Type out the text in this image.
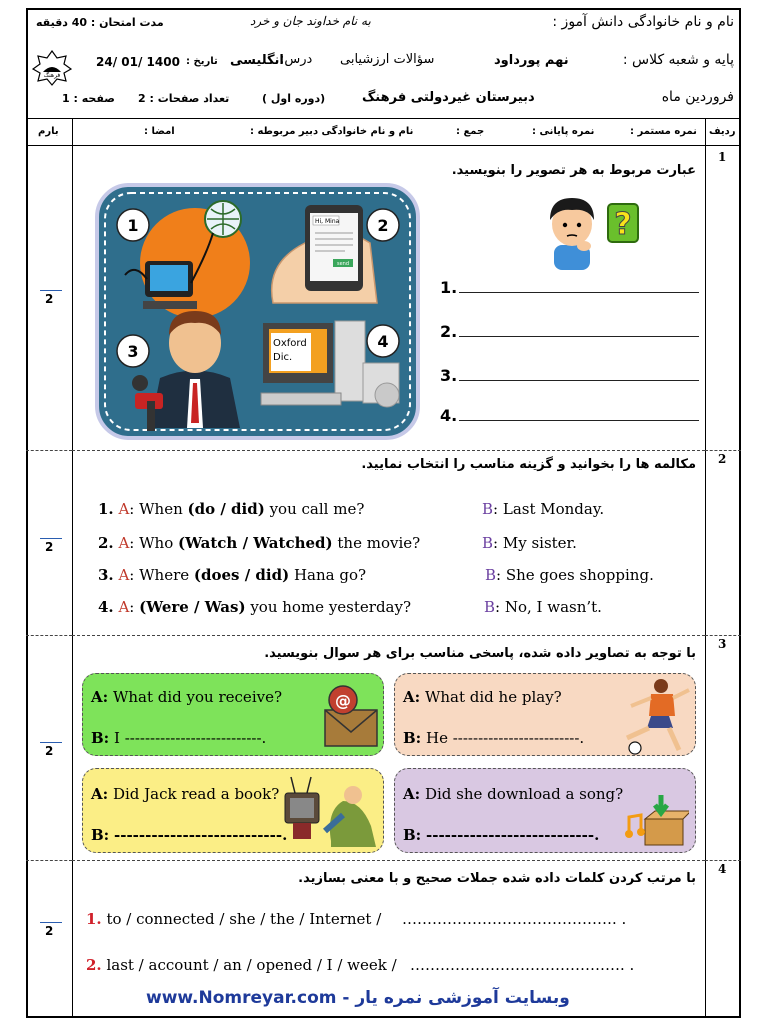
نام و نام خانوادگی دانش آموز :
به نام خداوند جان و خرد
مدت امتحان : 40 دقیقه
پایه و شعبه کلاس :
نهم پورداود
سؤالات ارزشیابی
درس:
انگلیسی
تاریخ :
24/ 01/ 1400
فرهنگ
فروردین ماه
دبیرستان غیردولتی فرهنگ
(دوره اول )
تعداد صفحات : 2
صفحه : 1
ردیف
نمره مستمر :
نمره پایانی :
جمع :
نام و نام خانوادگی دبیر مربوطه :
امضا :
بارم
1
2
عبارت مربوط به هر تصویر را بنویسید.
?
Hi, Mina
send
Oxford
Dic.
1	2
3
4
1.
2.
3.
4.
2
2
مکالمه ها را بخوانید و گزینه مناسب را انتخاب نمایید.
1. A: When (do / did) you call me?	B: Last Monday.
2. A: Who (Watch / Watched) the movie?	B: My sister.
3. A: Where (does / did) Hana go?	B: She goes shopping.
4. A: (Were / Was) you home yesterday?	B: No, I wasn’t.
3
2
با توجه به تصاویر داده شده، پاسخی مناسب برای هر سوال بنویسید.
A: What did you receive?
B: I ---------------------------.
@	A: What did he play?
B: He -------------------------.
A: Did Jack read a book?
B: ---------------------------.
A: Did she download a song?
B: ---------------------------.
4
2
با مرتب کردن کلمات داده شده جملات صحیح و با معنی بسازید.
1. to / connected / she / the / Internet / ……………………………………. .
2. last / account / an / opened / I / week / ……………………………………. .
www.Nomreyar.com - وبسایت آموزشی نمره یار
